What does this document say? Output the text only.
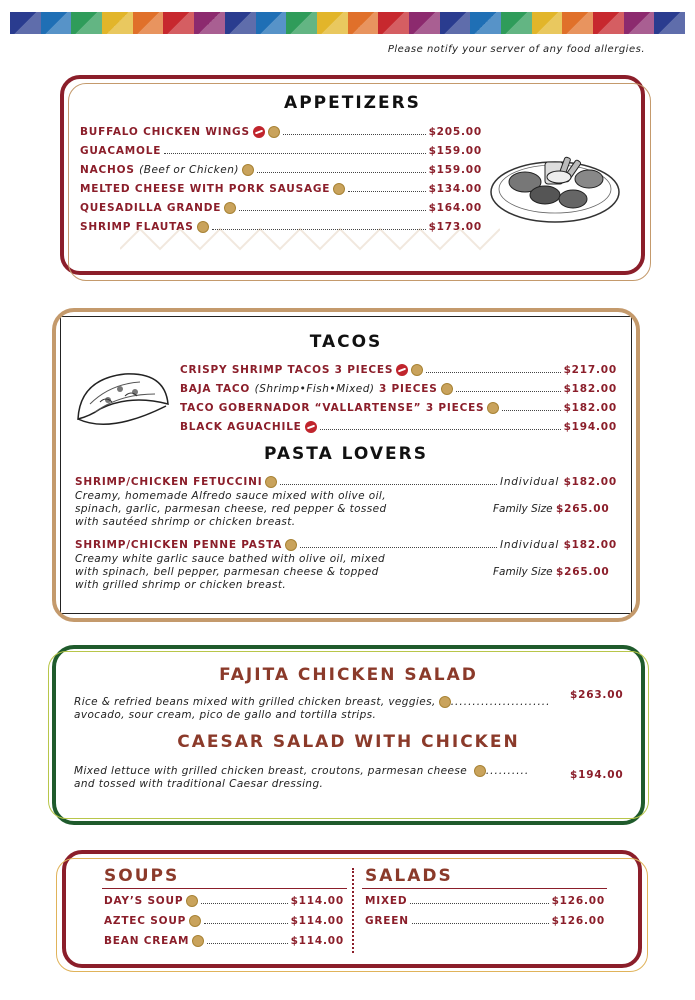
Please notify your server of any food allergies.
APPETIZERS
BUFFALO CHICKEN WINGS	$205.00
GUACAMOLE	$159.00
NACHOS (Beef or Chicken)	$159.00
MELTED CHEESE WITH PORK SAUSAGE	$134.00
QUESADILLA GRANDE	$164.00
SHRIMP FLAUTAS	$173.00
TACOS
CRISPY SHRIMP TACOS 3 PIECES	$217.00
BAJA TACO (Shrimp•Fish•Mixed) 3 PIECES	$182.00
TACO GOBERNADOR “VALLARTENSE” 3 PIECES	$182.00
BLACK AGUACHILE	$194.00
PASTA LOVERS
SHRIMP/CHICKEN FETUCCINI	Individual $182.00
Creamy, homemade Alfredo sauce mixed with olive oil,
spinach, garlic, parmesan cheese, red pepper & tossed
with sautéed shrimp or chicken breast.
Family Size $265.00
SHRIMP/CHICKEN PENNE PASTA	Individual $182.00
Creamy white garlic sauce bathed with olive oil, mixed
with spinach, bell pepper, parmesan cheese & topped
with grilled shrimp or chicken breast.
Family Size $265.00
FAJITA CHICKEN SALAD
Rice & refried beans mixed with grilled chicken breast, veggies, .......................
avocado, sour cream, pico de gallo and tortilla strips.
$263.00
CAESAR SALAD WITH CHICKEN
Mixed lettuce with grilled chicken breast, croutons, parmesan cheese ..........
and tossed with traditional Caesar dressing.
$194.00
SOUPS
DAY’S SOUP	$114.00
AZTEC SOUP	$114.00
BEAN CREAM	$114.00
SALADS
MIXED	$126.00
GREEN	$126.00
